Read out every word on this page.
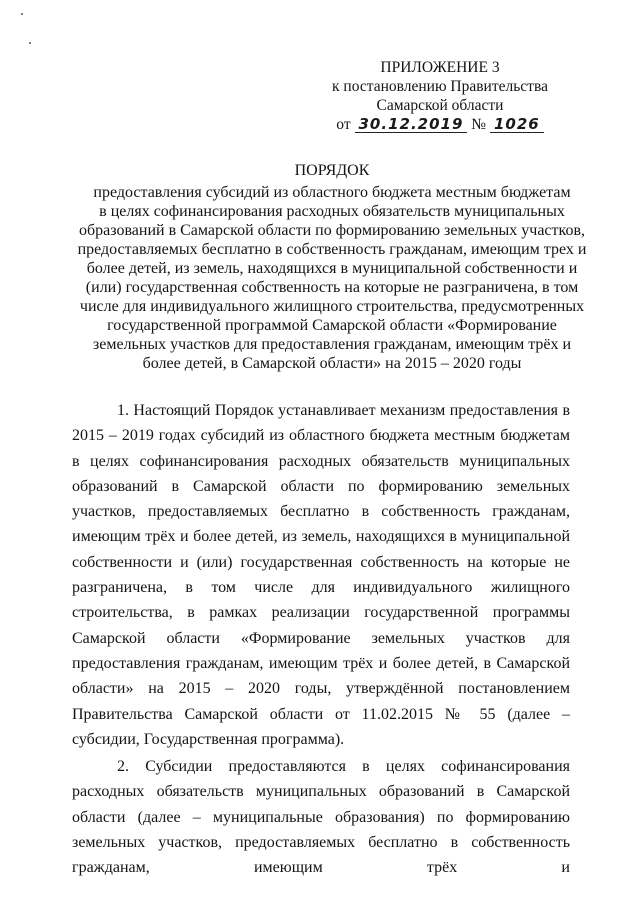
ПРИЛОЖЕНИЕ 3
к постановлению Правительства
Самарской области
от 30.12.2019 № 1026
ПОРЯДОК
предоставления субсидий из областного бюджета местным бюджетам
в целях софинансирования расходных обязательств муниципальных
образований в Самарской области по формированию земельных участков,
предоставляемых бесплатно в собственность гражданам, имеющим трех и
более детей, из земель, находящихся в муниципальной собственности и
(или) государственная собственность на которые не разграничена, в том
числе для индивидуального жилищного строительства, предусмотренных
государственной программой Самарской области «Формирование
земельных участков для предоставления гражданам, имеющим трёх и
более детей, в Самарской области» на 2015 – 2020 годы

1. Настоящий Порядок устанавливает механизм предоставления в 2015 – 2019 годах субсидий из областного бюджета местным бюджетам в целях софинансирования расходных обязательств муниципальных образований в Самарской области по формированию земельных участков, предоставляемых бесплатно в собственность гражданам, имеющим трёх и более детей, из земель, находящихся в муниципальной собственности и (или) государственная собственность на которые не разграничена, в том числе для индивидуального жилищного строительства, в рамках реализации государственной программы Самарской области «Формирование земельных участков для предоставления гражданам, имеющим трёх и более детей, в Самарской области» на 2015 – 2020 годы, утверждённой постановлением Правительства Самарской области от 11.02.2015 № 55 (далее – субсидии, Государственная программа).

2. Субсидии предоставляются в целях софинансирования расходных обязательств муниципальных образований в Самарской области (далее – муниципальные образования) по формированию земельных участков, предоставляемых бесплатно в собственность гражданам, имеющим трёх и
